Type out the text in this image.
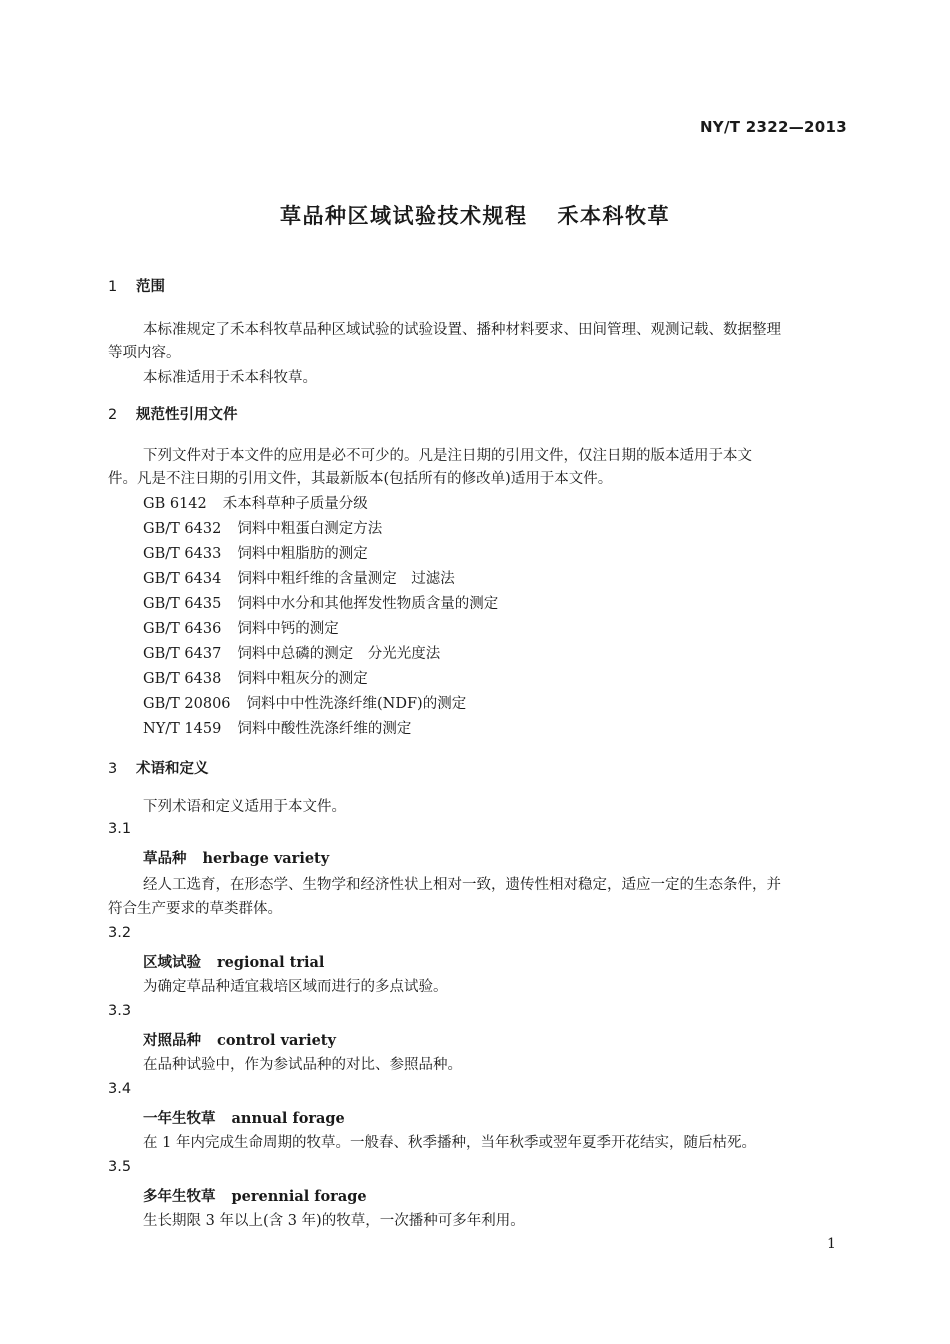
NY/T 2322—2013
草品种区域试验技术规程 禾本科牧草
1 范围
本标准规定了禾本科牧草品种区域试验的试验设置、播种材料要求、田间管理、观测记载、数据整理
等项内容。
本标准适用于禾本科牧草。
2 规范性引用文件
下列文件对于本文件的应用是必不可少的。凡是注日期的引用文件，仅注日期的版本适用于本文
件。凡是不注日期的引用文件，其最新版本(包括所有的修改单)适用于本文件。
GB 6142 禾本科草种子质量分级
GB/T 6432 饲料中粗蛋白测定方法
GB/T 6433 饲料中粗脂肪的测定
GB/T 6434 饲料中粗纤维的含量测定　过滤法
GB/T 6435 饲料中水分和其他挥发性物质含量的测定
GB/T 6436 饲料中钙的测定
GB/T 6437 饲料中总磷的测定　分光光度法
GB/T 6438 饲料中粗灰分的测定
GB/T 20806 饲料中中性洗涤纤维(NDF)的测定
NY/T 1459 饲料中酸性洗涤纤维的测定
3 术语和定义
下列术语和定义适用于本文件。
3.1
草品种 herbage variety
经人工选育，在形态学、生物学和经济性状上相对一致，遗传性相对稳定，适应一定的生态条件，并
符合生产要求的草类群体。
3.2
区域试验 regional trial
为确定草品种适宜栽培区域而进行的多点试验。
3.3
对照品种 control variety
在品种试验中，作为参试品种的对比、参照品种。
3.4
一年生牧草 annual forage
在 1 年内完成生命周期的牧草。一般春、秋季播种，当年秋季或翌年夏季开花结实，随后枯死。
3.5
多年生牧草 perennial forage
生长期限 3 年以上(含 3 年)的牧草，一次播种可多年利用。
1
